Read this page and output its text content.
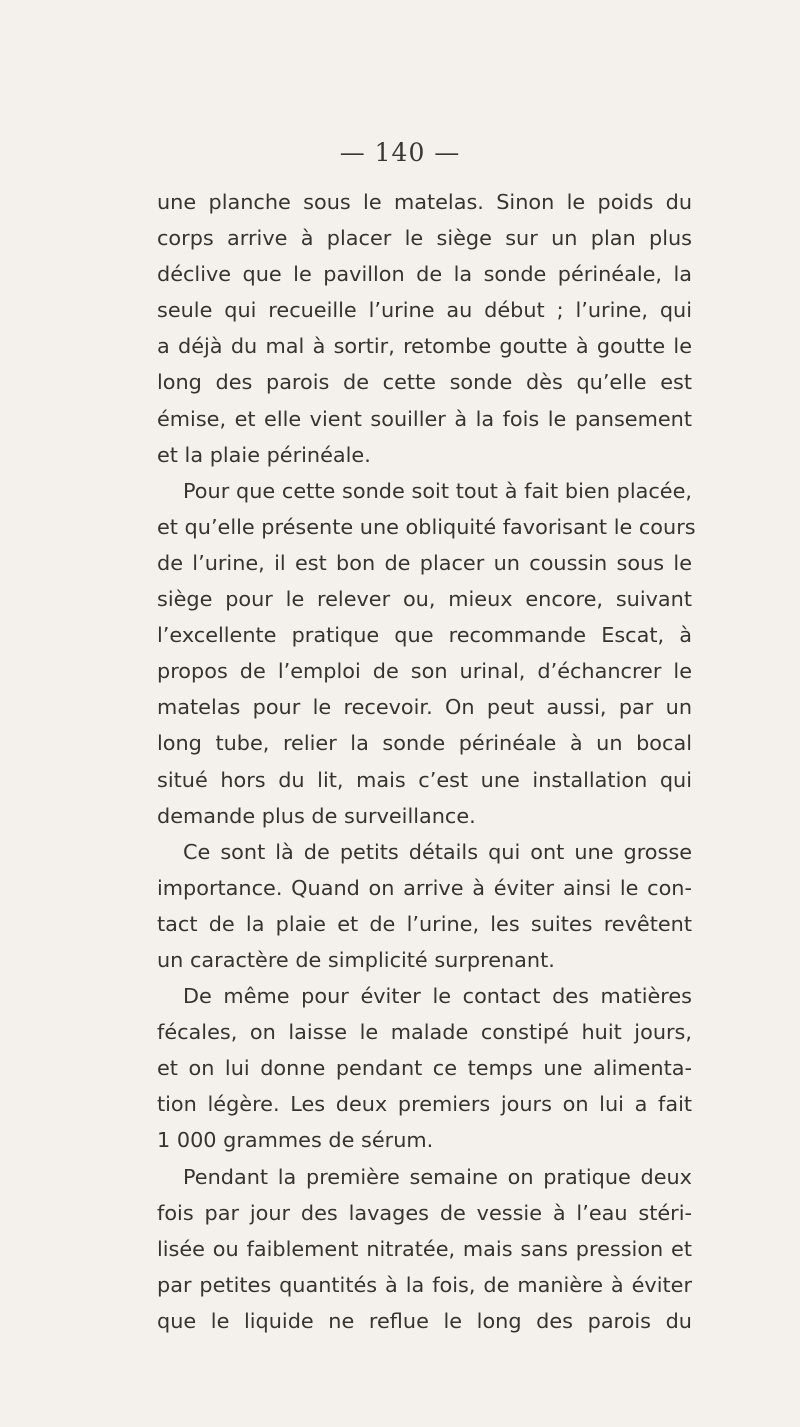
— 140 —
une planche sous le matelas. Sinon le poids du
corps arrive à placer le siège sur un plan plus
déclive que le pavillon de la sonde périnéale, la
seule qui recueille l’urine au début ; l’urine, qui
a déjà du mal à sortir, retombe goutte à goutte le
long des parois de cette sonde dès qu’elle est
émise, et elle vient souiller à la fois le pansement
et la plaie périnéale.
Pour que cette sonde soit tout à fait bien placée,
et qu’elle présente une obliquité favorisant le cours
de l’urine, il est bon de placer un coussin sous le
siège pour le relever ou, mieux encore, suivant
l’excellente pratique que recommande Escat, à
propos de l’emploi de son urinal, d’échancrer le
matelas pour le recevoir. On peut aussi, par un
long tube, relier la sonde périnéale à un bocal
situé hors du lit, mais c’est une installation qui
demande plus de surveillance.
Ce sont là de petits détails qui ont une grosse
importance. Quand on arrive à éviter ainsi le con-
tact de la plaie et de l’urine, les suites revêtent
un caractère de simplicité surprenant.
De même pour éviter le contact des matières
fécales, on laisse le malade constipé huit jours,
et on lui donne pendant ce temps une alimenta-
tion légère. Les deux premiers jours on lui a fait
1 000 grammes de sérum.
Pendant la première semaine on pratique deux
fois par jour des lavages de vessie à l’eau stéri-
lisée ou faiblement nitratée, mais sans pression et
par petites quantités à la fois, de manière à éviter
que le liquide ne reflue le long des parois du
